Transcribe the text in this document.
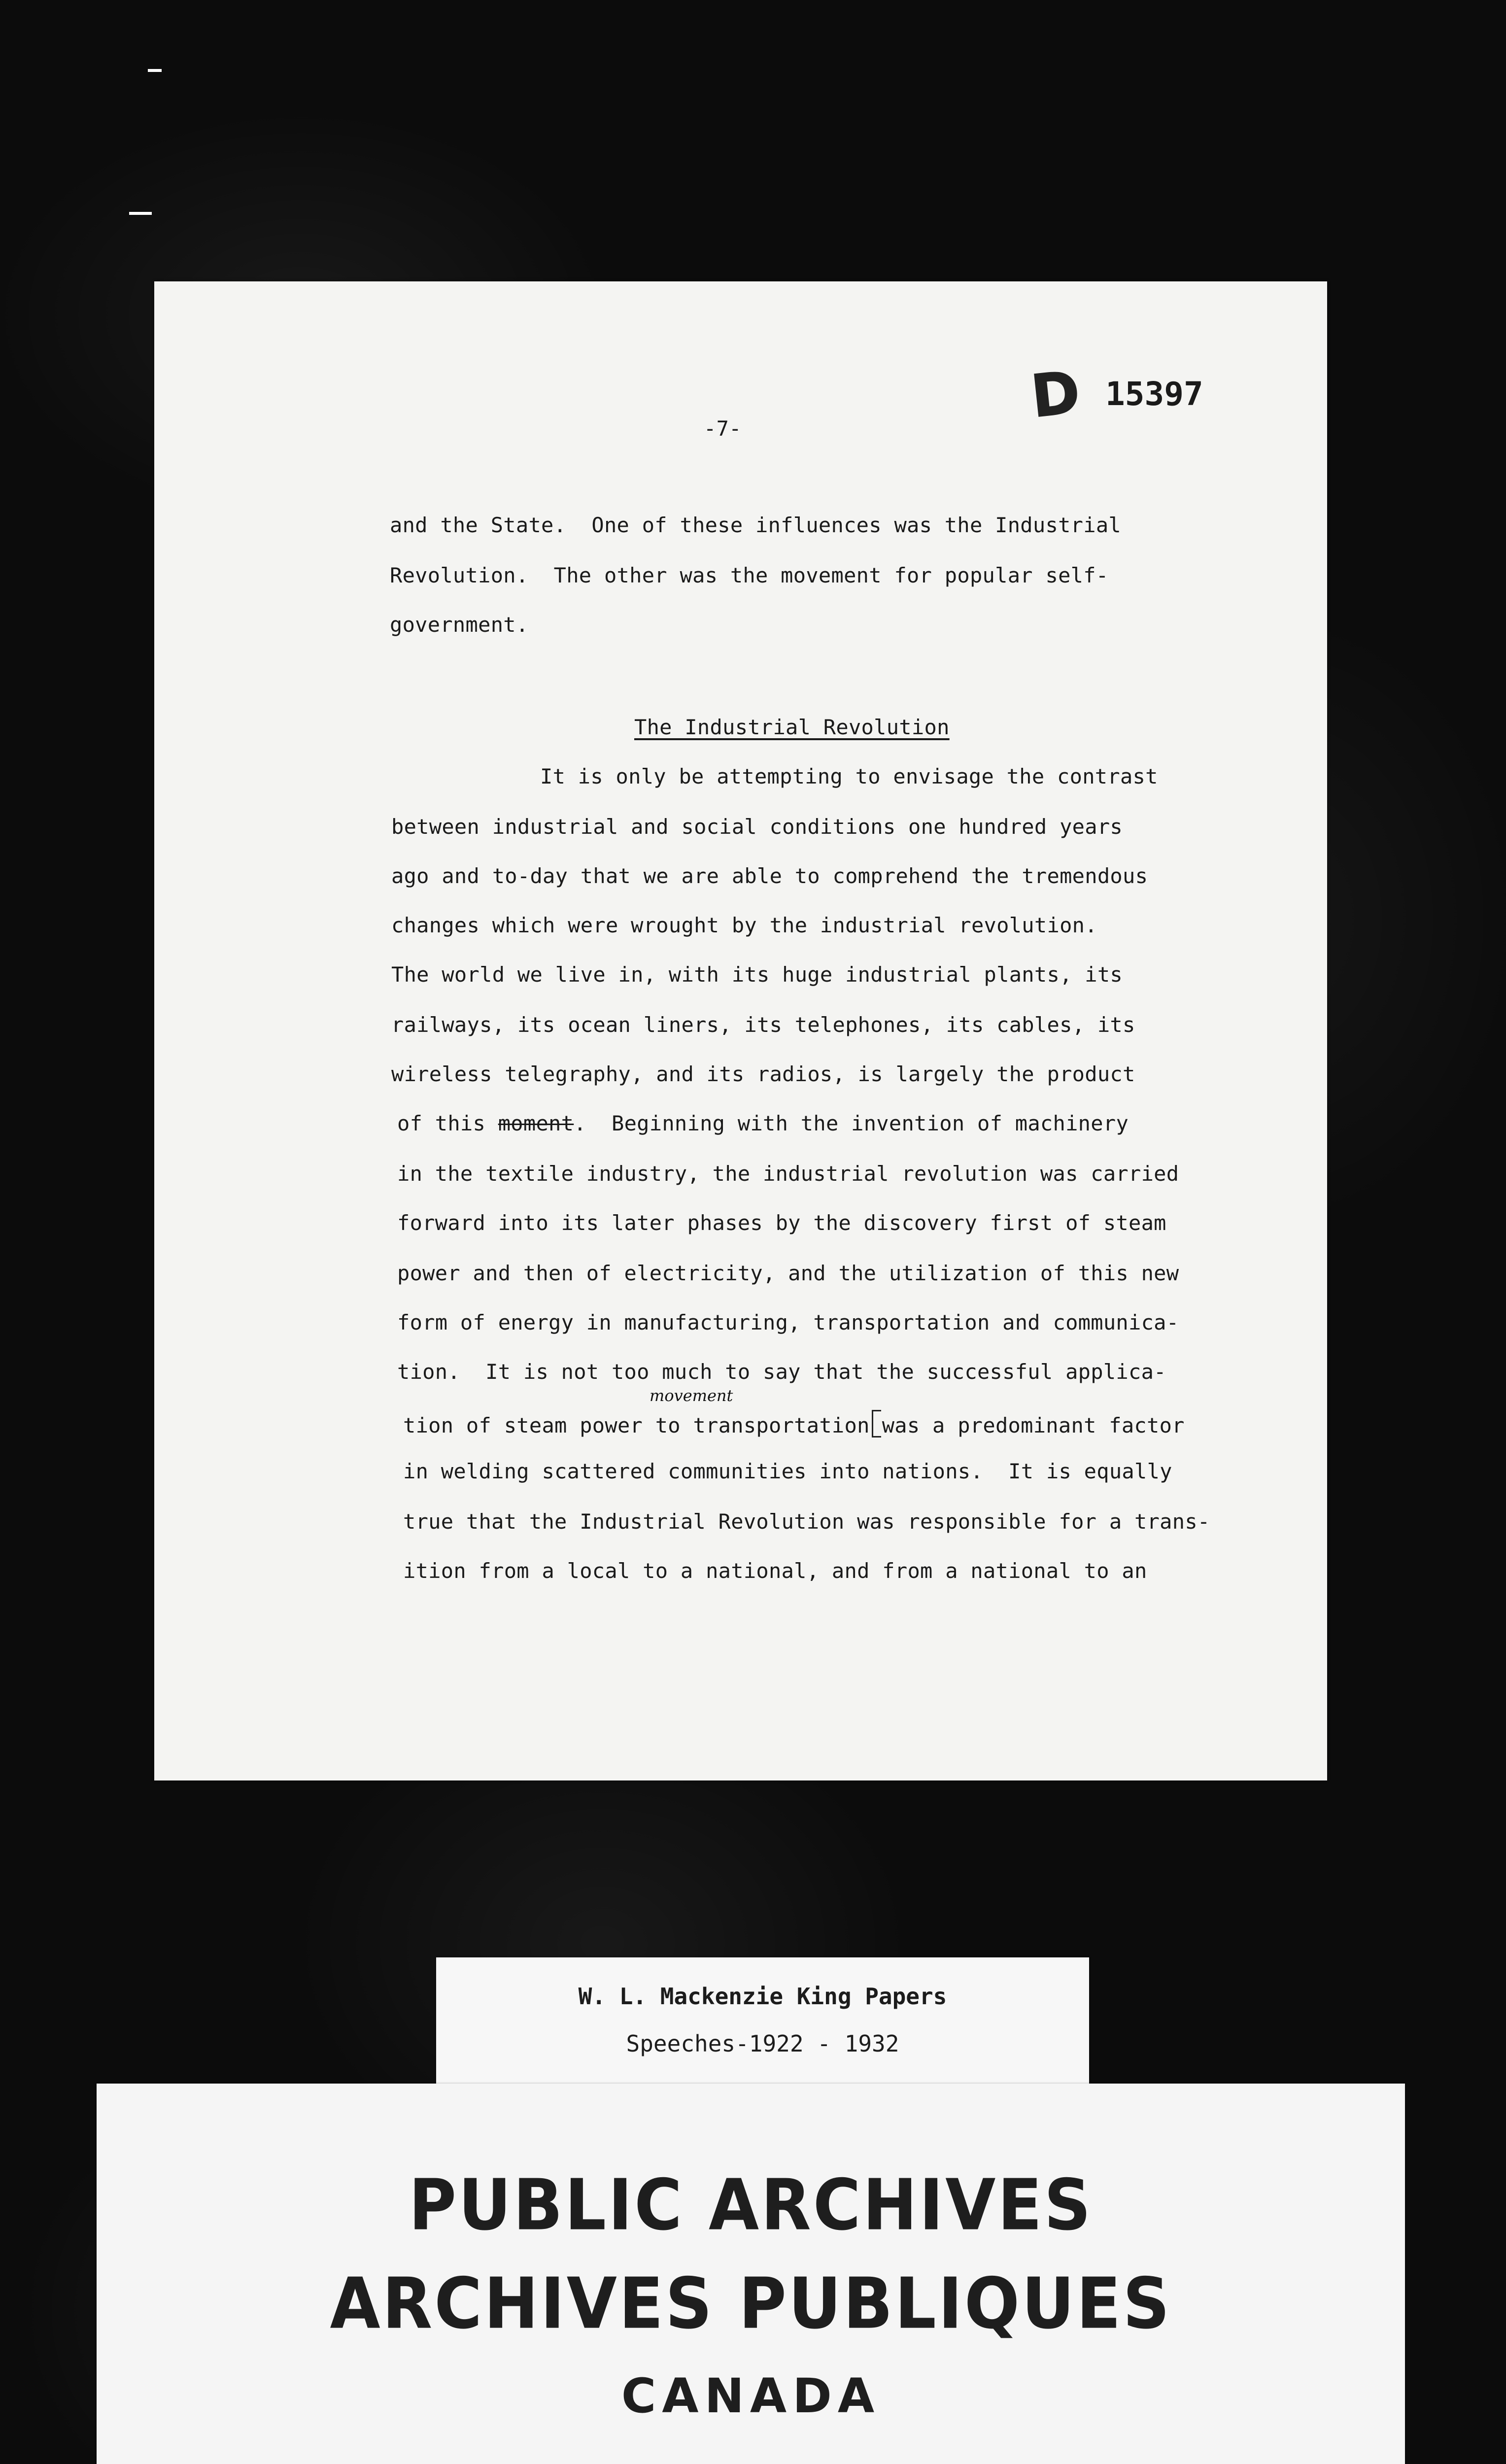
-7-	D 15397
and the State.  One of these influences was the Industrial
Revolution.  The other was the movement for popular self-
government.
The Industrial Revolution
It is only be attempting to envisage the contrast
between industrial and social conditions one hundred years
ago and to-day that we are able to comprehend the tremendous
changes which were wrought by the industrial revolution.
The world we live in, with its huge industrial plants, its
railways, its ocean liners, its telephones, its cables, its
wireless telegraphy, and its radios, is largely the product
movement
of this moment.  Beginning with the invention of machinery
in the textile industry, the industrial revolution was carried
forward into its later phases by the discovery first of steam
power and then of electricity, and the utilization of this new
form of energy in manufacturing, transportation and communica-
tion.  It is not too much to say that the successful applica-
tion of steam power to transportation was a predominant factor
in welding scattered communities into nations.  It is equally
true that the Industrial Revolution was responsible for a trans-
ition from a local to a national, and from a national to an
W. L. Mackenzie King Papers
Speeches-1922 - 1932
PUBLIC ARCHIVES
ARCHIVES PUBLIQUES
CANADA
